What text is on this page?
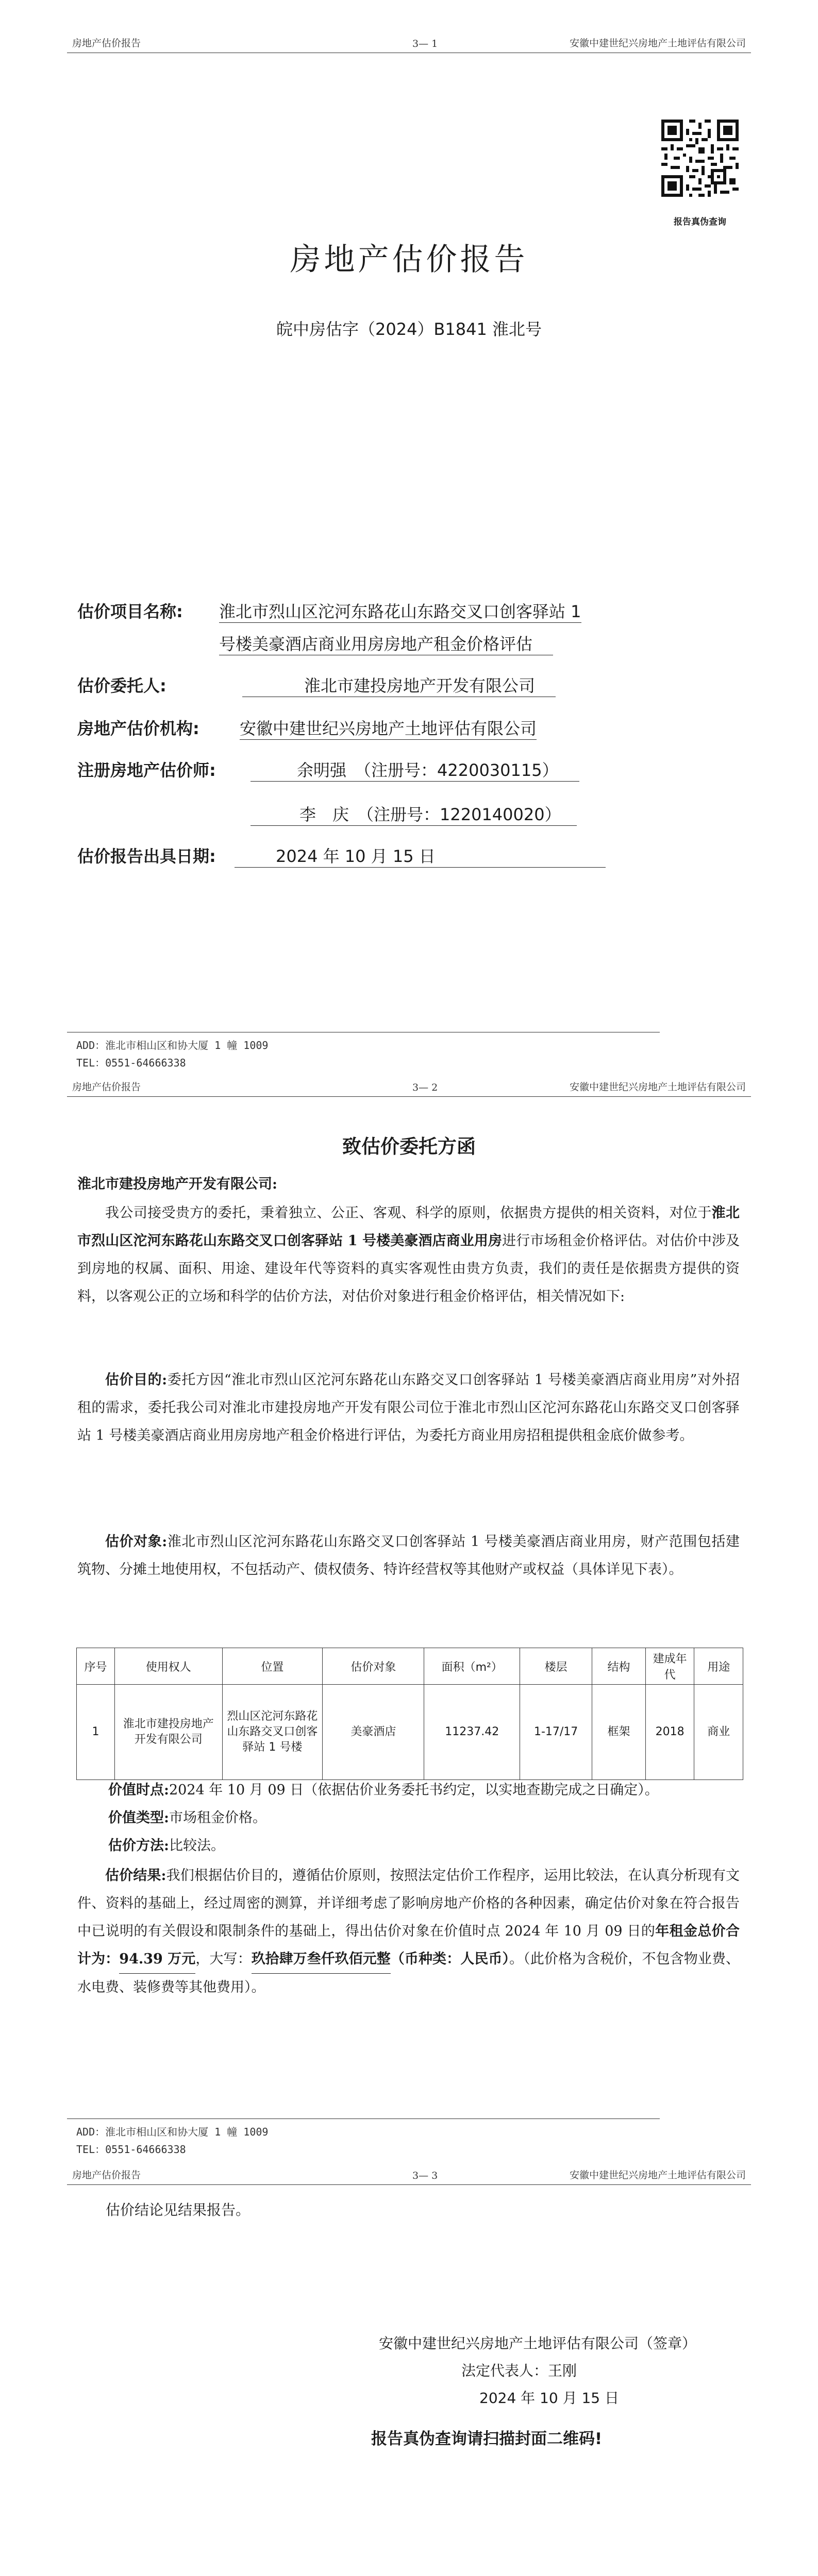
房地产估价报告	3— 1	安徽中建世纪兴房地产土地评估有限公司
报告真伪查询
房地产估价报告
皖中房估字（2024）B1841 淮北号
估价项目名称: 淮北市烈山区沱河东路花山东路交叉口创客驿站 1
号楼美豪酒店商业用房房地产租金价格评估
估价委托人:	淮北市建投房地产开发有限公司
房地产估价机构: 安徽中建世纪兴房地产土地评估有限公司
注册房地产估价师:	余明强　（注册号：4220030115）
李　庆　（注册号：1220140020）
估价报告出具日期:	2024 年 10 月 15 日
ADD：淮北市相山区和协大厦 1 幢 1009
TEL：0551-64666338
房地产估价报告	3— 2	安徽中建世纪兴房地产土地评估有限公司
致估价委托方函
淮北市建投房地产开发有限公司:
我公司接受贵方的委托，秉着独立、公正、客观、科学的原则，依据贵方提供的相关资料，对位于淮北市烈山区沱河东路花山东路交叉口创客驿站 1 号楼美豪酒店商业用房进行市场租金价格评估。对估价中涉及到房地的权属、面积、用途、建设年代等资料的真实客观性由贵方负责，我们的责任是依据贵方提供的资料，以客观公正的立场和科学的估价方法，对估价对象进行租金价格评估，相关情况如下:
估价目的:委托方因“淮北市烈山区沱河东路花山东路交叉口创客驿站 1 号楼美豪酒店商业用房”对外招租的需求，委托我公司对淮北市建投房地产开发有限公司位于淮北市烈山区沱河东路花山东路交叉口创客驿站 1 号楼美豪酒店商业用房房地产租金价格进行评估，为委托方商业用房招租提供租金底价做参考。
估价对象:淮北市烈山区沱河东路花山东路交叉口创客驿站 1 号楼美豪酒店商业用房，财产范围包括建筑物、分摊土地使用权，不包括动产、债权债务、特许经营权等其他财产或权益（具体详见下表）。
序号	使用权人	位置	估价对象	面积（m²）	楼层	结构	建成年代	用途
1	淮北市建投房地产开发有限公司	烈山区沱河东路花山东路交叉口创客驿站 1 号楼	美豪酒店	11237.42	1-17/17	框架	2018	商业
价值时点:2024 年 10 月 09 日（依据估价业务委托书约定，以实地查勘完成之日确定）。
价值类型:市场租金价格。
估价方法:比较法。
估价结果:我们根据估价目的，遵循估价原则，按照法定估价工作程序，运用比较法，在认真分析现有文件、资料的基础上，经过周密的测算，并详细考虑了影响房地产价格的各种因素，确定估价对象在符合报告中已说明的有关假设和限制条件的基础上，得出估价对象在价值时点 2024 年 10 月 09 日的年租金总价合计为：94.39 万元，大写：玖拾肆万叁仟玖佰元整（币种类：人民币）。（此价格为含税价，不包含物业费、水电费、装修费等其他费用）。
ADD：淮北市相山区和协大厦 1 幢 1009
TEL：0551-64666338
房地产估价报告	3— 3	安徽中建世纪兴房地产土地评估有限公司
估价结论见结果报告。
安徽中建世纪兴房地产土地评估有限公司（签章）
法定代表人：王刚
2024 年 10 月 15 日
报告真伪查询请扫描封面二维码!
